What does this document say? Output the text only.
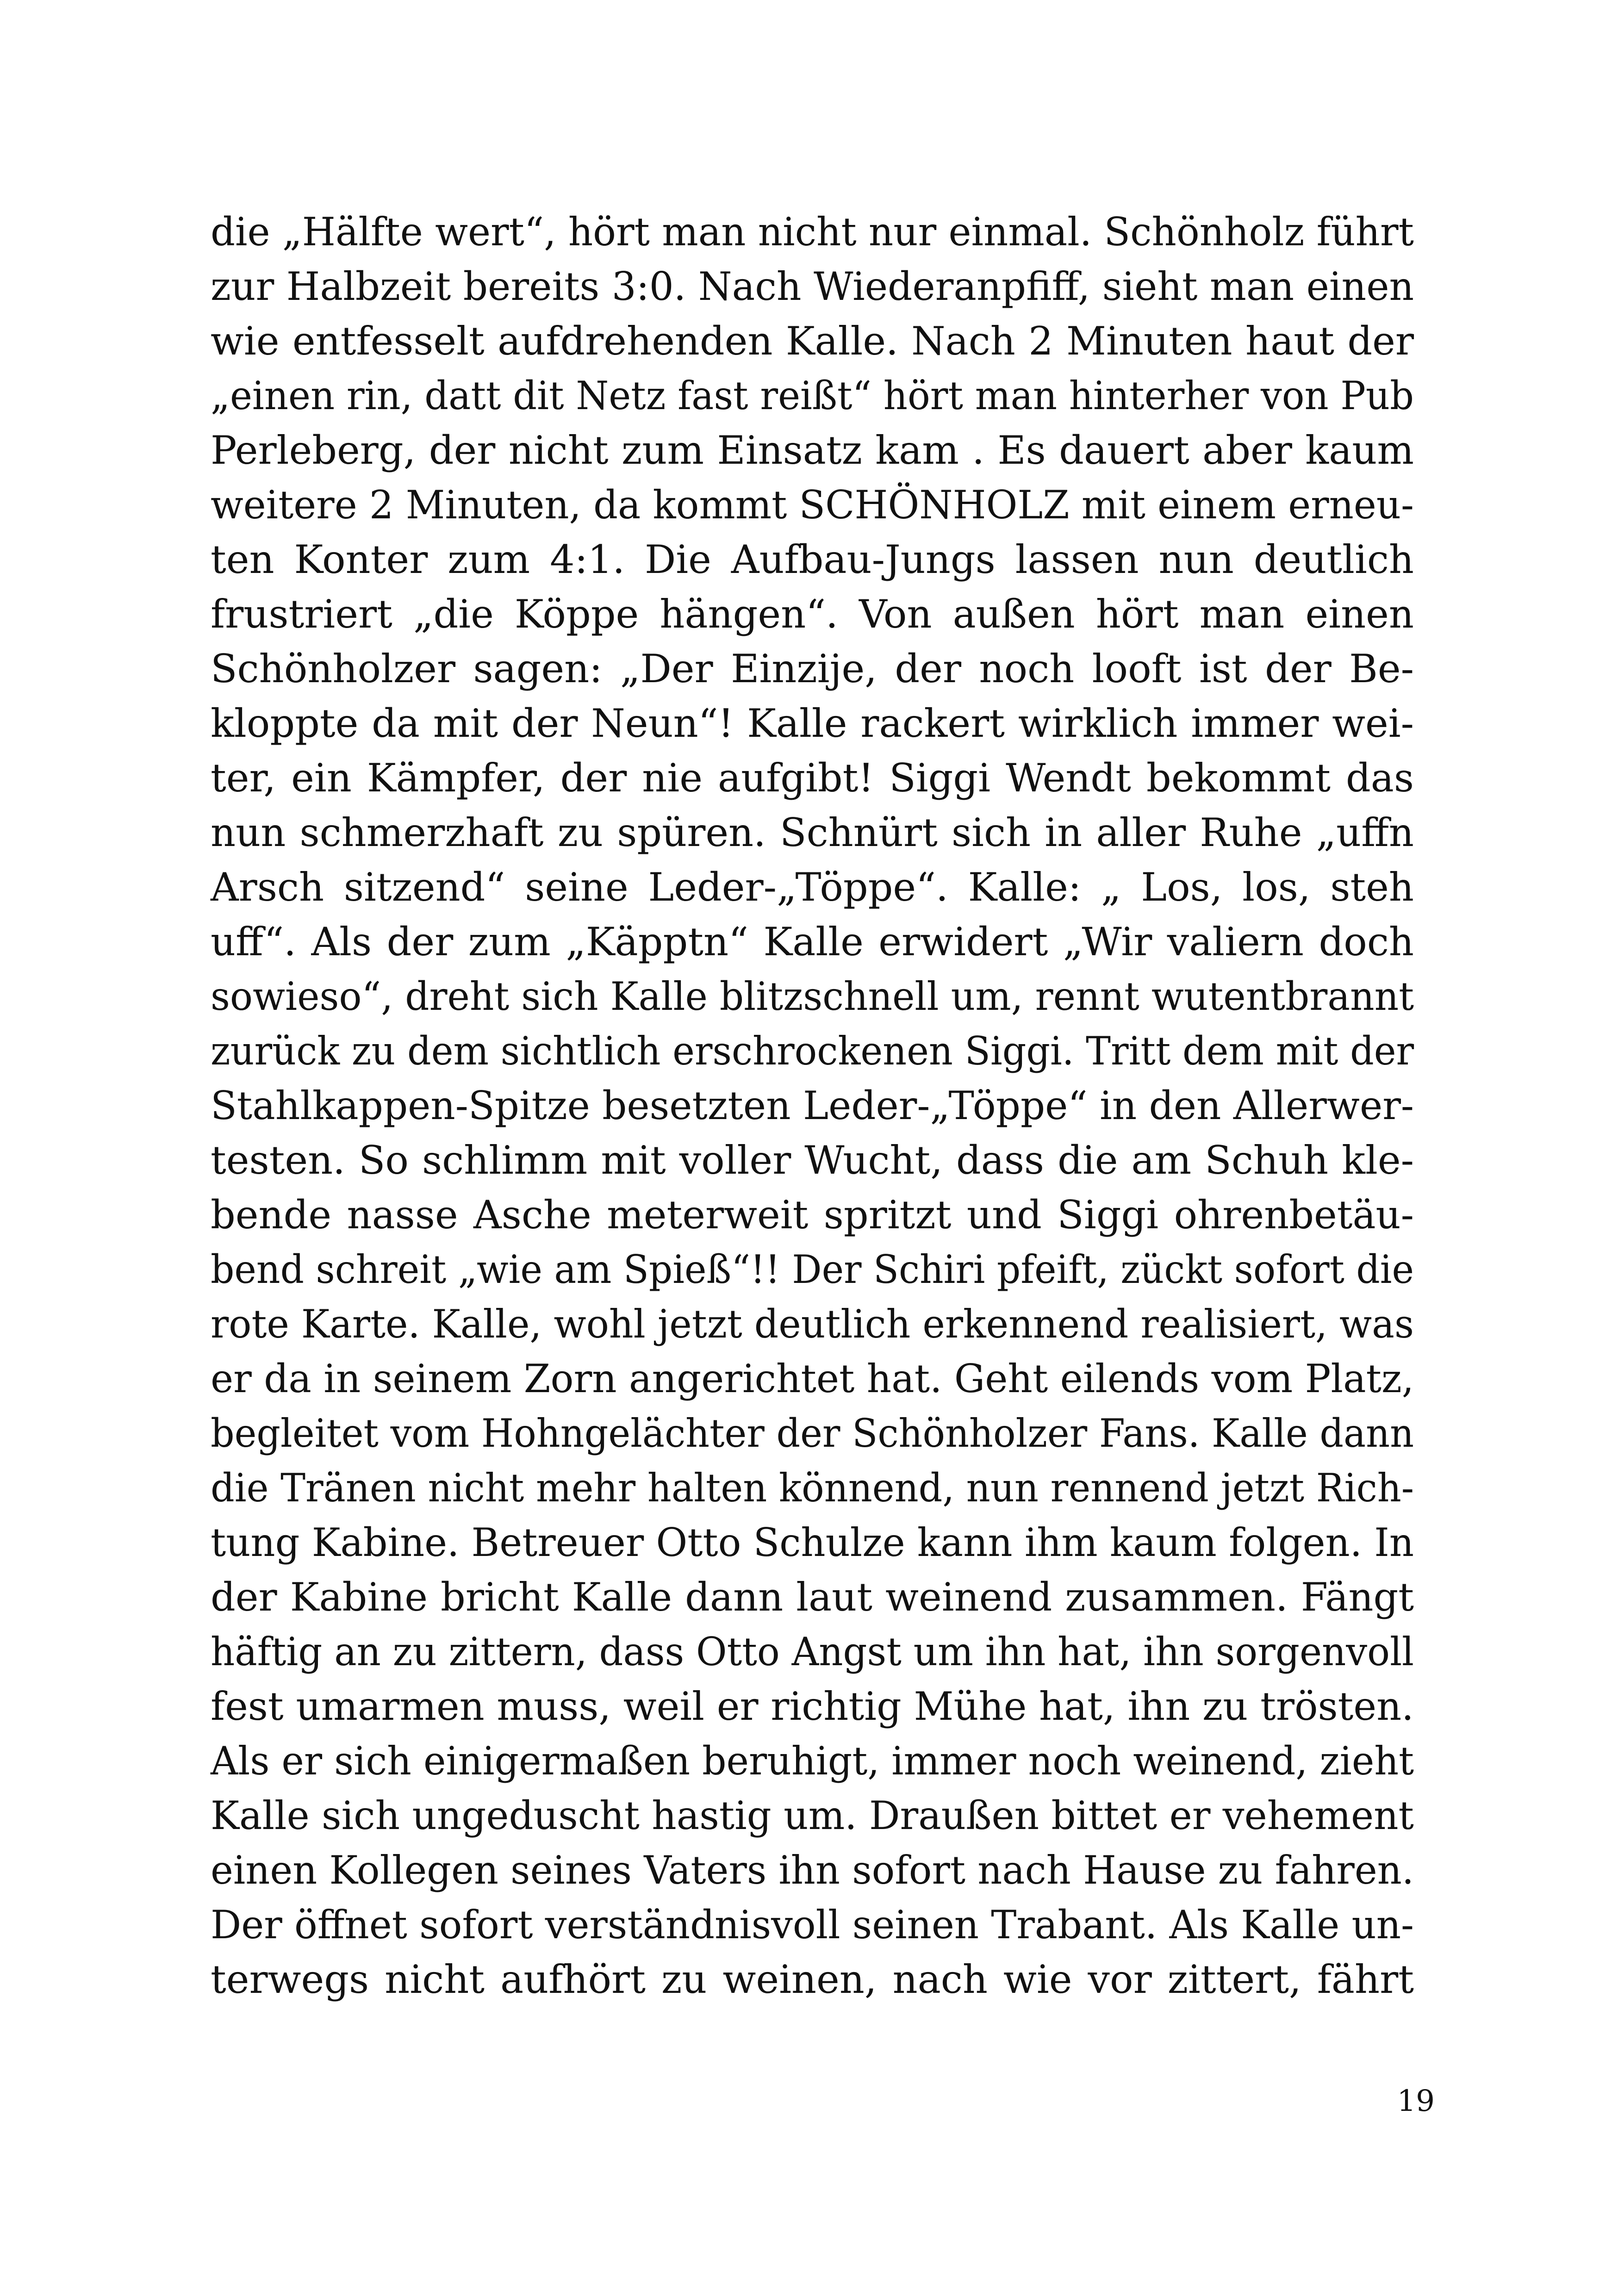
die „Hälfte wert“, hört man nicht nur einmal. Schönholz führt
zur Halbzeit bereits 3:0. Nach Wiederanpfiff, sieht man einen
wie entfesselt aufdrehenden Kalle. Nach 2 Minuten haut der
„einen rin, datt dit Netz fast reißt“ hört man hinterher von Pub
Perleberg, der nicht zum Einsatz kam . Es dauert aber kaum
weitere 2 Minuten, da kommt SCHÖNHOLZ mit einem erneu-
ten Konter zum 4:1. Die Aufbau-Jungs lassen nun deutlich
frustriert „die Köppe hängen“. Von außen hört man einen
Schönholzer sagen: „Der Einzije, der noch looft ist der Be-
kloppte da mit der Neun“! Kalle rackert wirklich immer wei-
ter, ein Kämpfer, der nie aufgibt! Siggi Wendt bekommt das
nun schmerzhaft zu spüren. Schnürt sich in aller Ruhe „uffn
Arsch sitzend“ seine Leder-„Töppe“. Kalle: „ Los, los, steh
uff“. Als der zum „Käpptn“ Kalle erwidert „Wir valiern doch
sowieso“, dreht sich Kalle blitzschnell um, rennt wutentbrannt
zurück zu dem sichtlich erschrockenen Siggi. Tritt dem mit der
Stahlkappen-Spitze besetzten Leder-„Töppe“ in den Allerwer-
testen. So schlimm mit voller Wucht, dass die am Schuh kle-
bende nasse Asche meterweit spritzt und Siggi ohrenbetäu-
bend schreit „wie am Spieß“!! Der Schiri pfeift, zückt sofort die
rote Karte. Kalle, wohl jetzt deutlich erkennend realisiert, was
er da in seinem Zorn angerichtet hat. Geht eilends vom Platz,
begleitet vom Hohngelächter der Schönholzer Fans. Kalle dann
die Tränen nicht mehr halten könnend, nun rennend jetzt Rich-
tung Kabine. Betreuer Otto Schulze kann ihm kaum folgen. In
der Kabine bricht Kalle dann laut weinend zusammen. Fängt
häftig an zu zittern, dass Otto Angst um ihn hat, ihn sorgenvoll
fest umarmen muss, weil er richtig Mühe hat, ihn zu trösten.
Als er sich einigermaßen beruhigt, immer noch weinend, zieht
Kalle sich ungeduscht hastig um. Draußen bittet er vehement
einen Kollegen seines Vaters ihn sofort nach Hause zu fahren.
Der öffnet sofort verständnisvoll seinen Trabant. Als Kalle un-
terwegs nicht aufhört zu weinen, nach wie vor zittert, fährt
19
